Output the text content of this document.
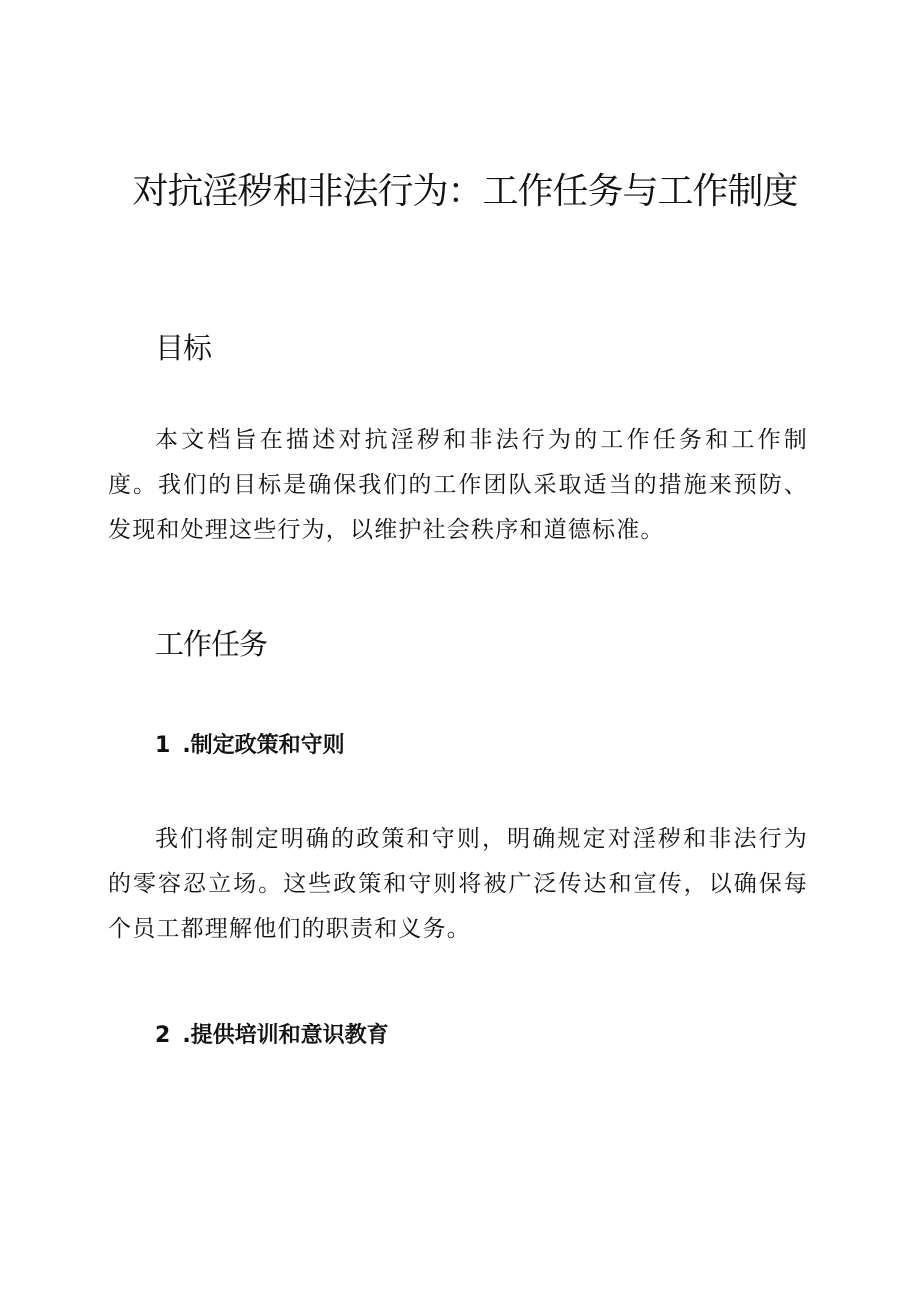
对抗淫秽和非法行为：工作任务与工作制度
目标

本文档旨在描述对抗淫秽和非法行为的工作任务和工作制度。我们的目标是确保我们的工作团队采取适当的措施来预防、发现和处理这些行为，以维护社会秩序和道德标准。

工作任务
1 .制定政策和守则

我们将制定明确的政策和守则，明确规定对淫秽和非法行为的零容忍立场。这些政策和守则将被广泛传达和宣传，以确保每个员工都理解他们的职责和义务。

2 .提供培训和意识教育
